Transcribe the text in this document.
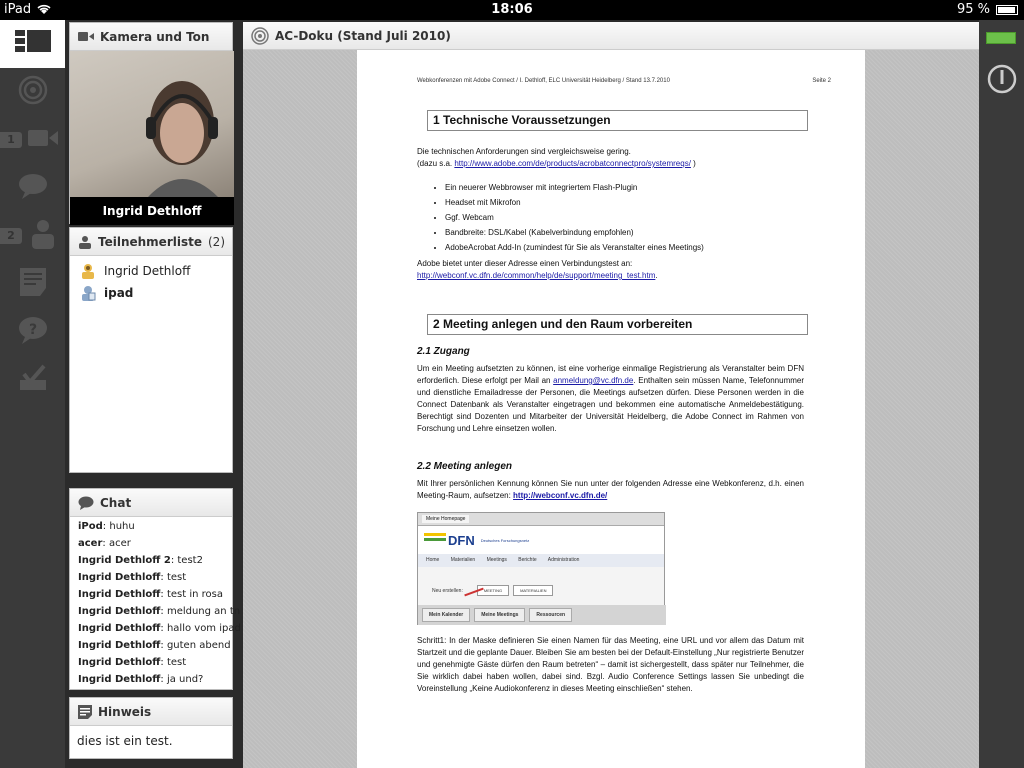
iPad	18:06	95 %
1
2
?
Kamera und Ton
Ingrid Dethloff
Teilnehmerliste (2)
Ingrid Dethloff
ipad
Chat
iPod: huhu
acer: acer
Ingrid Dethloff 2: test2
Ingrid Dethloff: test
Ingrid Dethloff: test in rosa
Ingrid Dethloff: meldung an tn
Ingrid Dethloff: hallo vom ipad
Ingrid Dethloff: guten abend
Ingrid Dethloff: test
Ingrid Dethloff: ja und?
Hinweis
dies ist ein test.
AC-Doku (Stand Juli 2010)
Webkonferenzen mit Adobe Connect / I. Dethloff, ELC Universität Heidelberg / Stand 13.7.2010	Seite 2
1 Technische Voraussetzungen
Die technischen Anforderungen sind vergleichsweise gering.
(dazu s.a. http://www.adobe.com/de/products/acrobatconnectpro/systemreqs/ )
• Ein neuerer Webbrowser mit integriertem Flash-Plugin
• Headset mit Mikrofon
• Ggf. Webcam
• Bandbreite: DSL/Kabel (Kabelverbindung empfohlen)
• AdobeAcrobat Add-In (zumindest für Sie als Veranstalter eines Meetings)
Adobe bietet unter dieser Adresse einen Verbindungstest an:
http://webconf.vc.dfn.de/common/help/de/support/meeting_test.htm.
2 Meeting anlegen und den Raum vorbereiten
2.1 Zugang
Um ein Meeting aufsetzten zu können, ist eine vorherige einmalige Registrierung als Veranstalter beim DFN erforderlich. Diese erfolgt per Mail an anmeldung@vc.dfn.de. Enthalten sein müssen Name, Telefonnummer und dienstliche Emailadresse der Personen, die Meetings aufsetzen dürfen. Diese Personen werden in die Connect Datenbank als Veranstalter eingetragen und bekommen eine automatische Anmeldebestätigung. Berechtigt sind Dozenten und Mitarbeiter der Universität Heidelberg, die Adobe Connect im Rahmen von Forschung und Lehre einsetzen wollen.
2.2 Meeting anlegen
Mit Ihrer persönlichen Kennung können Sie nun unter der folgenden Adresse eine Webkonferenz, d.h. einen Meeting-Raum, aufsetzen: http://webconf.vc.dfn.de/
Meine Homepage
DFN Deutsches Forschungsnetz
Home Materialien Meetings Berichte Administration
Neu erstellen:	MEETING	MATERIALIEN
Mein Kalender	Meine Meetings	Ressourcen
Schritt1: In der Maske definieren Sie einen Namen für das Meeting, eine URL und vor allem das Datum mit Startzeit und die geplante Dauer. Bleiben Sie am besten bei der Default-Einstellung „Nur registrierte Benutzer und genehmigte Gäste dürfen den Raum betreten“ – damit ist sichergestellt, dass später nur Teilnehmer, die Sie wirklich dabei haben wollen, dabei sind. Bzgl. Audio Conference Settings lassen Sie unbedingt die Voreinstellung „Keine Audiokonferenz in dieses Meeting einschließen“ stehen.
